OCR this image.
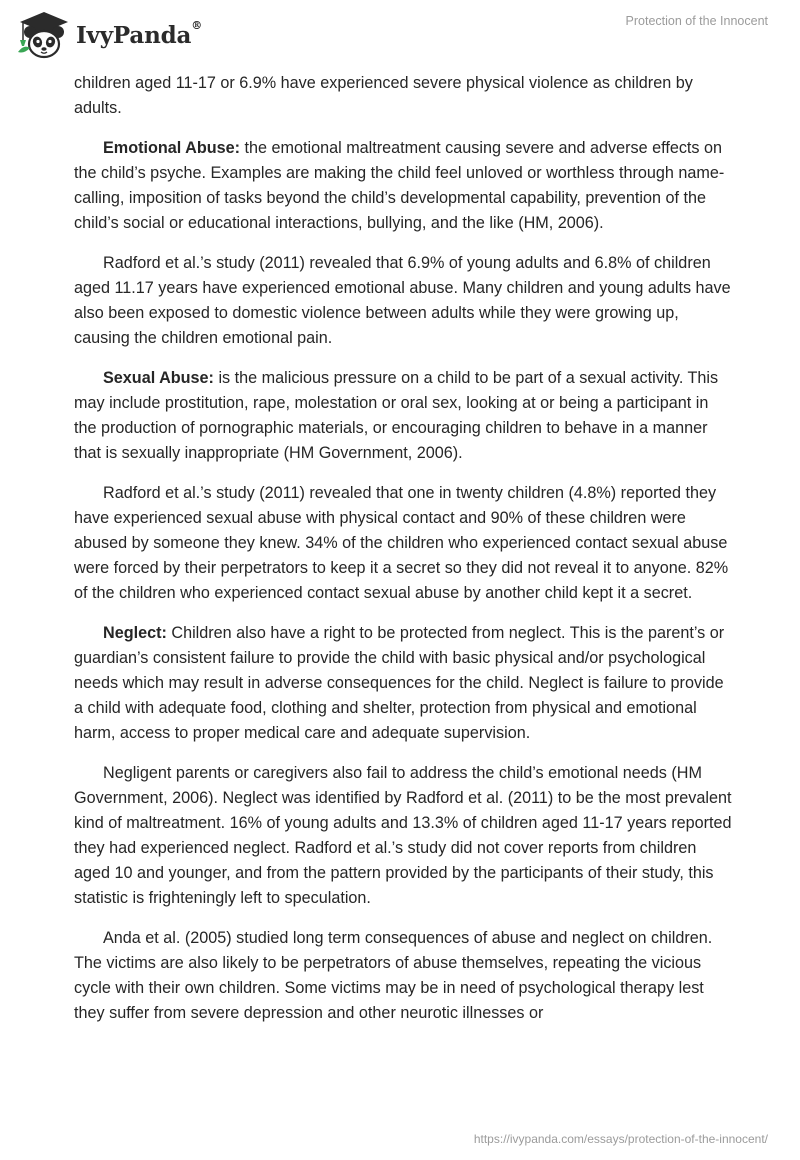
IvyPanda®	Protection of the Innocent

children aged 11-17 or 6.9% have experienced severe physical violence as children by adults.

Emotional Abuse: the emotional maltreatment causing severe and adverse effects on the child’s psyche. Examples are making the child feel unloved or worthless through name-calling, imposition of tasks beyond the child’s developmental capability, prevention of the child’s social or educational interactions, bullying, and the like (HM, 2006).

Radford et al.’s study (2011) revealed that 6.9% of young adults and 6.8% of children aged 11.17 years have experienced emotional abuse. Many children and young adults have also been exposed to domestic violence between adults while they were growing up, causing the children emotional pain.

Sexual Abuse: is the malicious pressure on a child to be part of a sexual activity. This may include prostitution, rape, molestation or oral sex, looking at or being a participant in the production of pornographic materials, or encouraging children to behave in a manner that is sexually inappropriate (HM Government, 2006).

Radford et al.’s study (2011) revealed that one in twenty children (4.8%) reported they have experienced sexual abuse with physical contact and 90% of these children were abused by someone they knew. 34% of the children who experienced contact sexual abuse were forced by their perpetrators to keep it a secret so they did not reveal it to anyone. 82% of the children who experienced contact sexual abuse by another child kept it a secret.

Neglect: Children also have a right to be protected from neglect. This is the parent’s or guardian’s consistent failure to provide the child with basic physical and/or psychological needs which may result in adverse consequences for the child. Neglect is failure to provide a child with adequate food, clothing and shelter, protection from physical and emotional harm, access to proper medical care and adequate supervision.

Negligent parents or caregivers also fail to address the child’s emotional needs (HM Government, 2006). Neglect was identified by Radford et al. (2011) to be the most prevalent kind of maltreatment. 16% of young adults and 13.3% of children aged 11-17 years reported they had experienced neglect. Radford et al.’s study did not cover reports from children aged 10 and younger, and from the pattern provided by the participants of their study, this statistic is frighteningly left to speculation.

Anda et al. (2005) studied long term consequences of abuse and neglect on children. The victims are also likely to be perpetrators of abuse themselves, repeating the vicious cycle with their own children. Some victims may be in need of psychological therapy lest they suffer from severe depression and other neurotic illnesses or

https://ivypanda.com/essays/protection-of-the-innocent/
